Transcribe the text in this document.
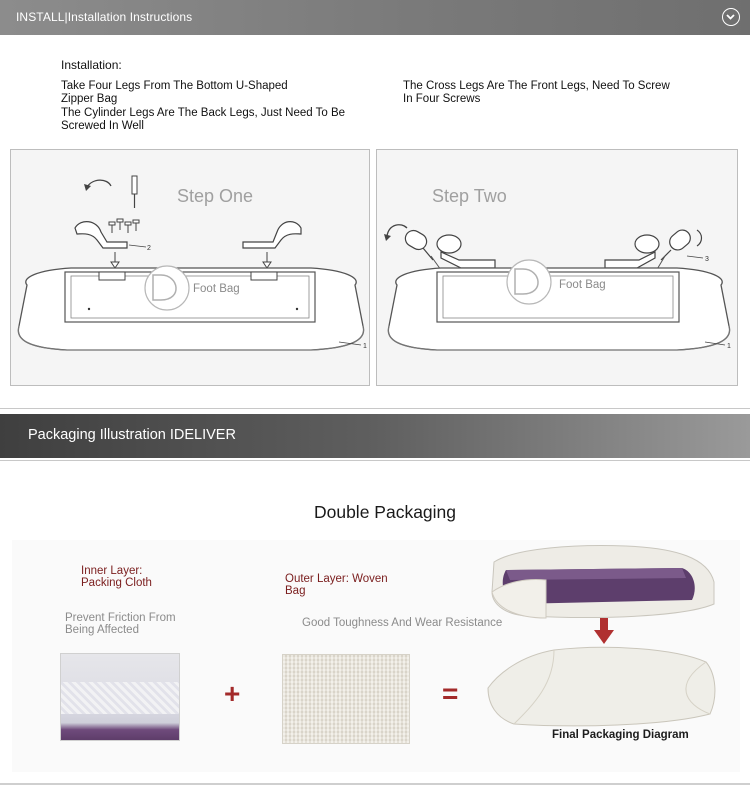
INSTALL|Installation Instructions
Installation:
Take Four Legs From The Bottom U-Shaped
Zipper Bag
The Cylinder Legs Are The Back Legs, Just Need To Be
Screwed In Well
The Cross Legs Are The Front Legs, Need To Screw
In Four Screws
Step One
2
1
Foot Bag
Step Two
3
1
Foot Bag
Packaging Illustration IDELIVER
Double Packaging
Inner Layer:
Packing Cloth
Prevent Friction From
Being Affected
Outer Layer: Woven
Bag
Good Toughness And Wear Resistance
+	=
Final Packaging Diagram
